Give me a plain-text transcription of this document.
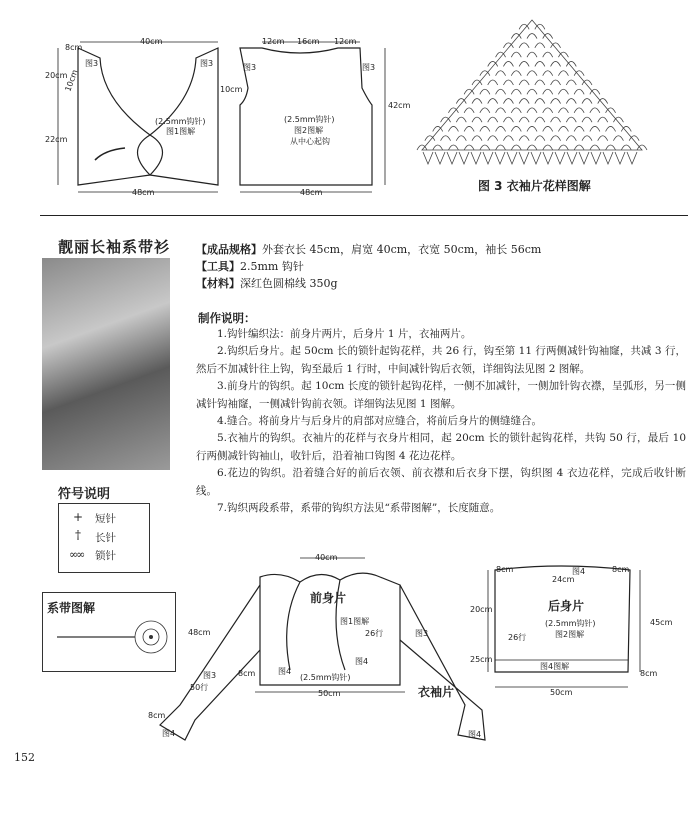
40cm
8cm
20cm
10cm
22cm
48cm
图3	图3
(2.5mm钩针)
图1图解
12cm 16cm 12cm
10cm
42cm
48cm
图3	图3
(2.5mm钩针)
图2图解
从中心起钩
图 3 衣袖片花样图解
靓丽长袖系带衫 【成品规格】外套衣长 45cm，肩宽 40cm，衣宽 50cm，袖长 56cm
【工具】2.5mm 钩针
【材料】深红色圆棉线 350g
制作说明：

1.钩针编织法：前身片两片，后身片 1 片，衣袖两片。

2.钩织后身片。起 50cm 长的锁针起钩花样，共 26 行，钩至第 11 行两侧减针钩袖窿，共减 3 行，然后不加减针往上钩，钩至最后 1 行时，中间减针钩后衣领，详细钩法见图 2 图解。

3.前身片的钩织。起 10cm 长度的锁针起钩花样，一侧不加减针，一侧加针钩衣襟，呈弧形，另一侧减针钩袖窿，一侧减针钩前衣领。详细钩法见图 1 图解。

4.缝合。将前身片与后身片的肩部对应缝合，将前后身片的侧缝缝合。

5.衣袖片的钩织。衣袖片的花样与衣身片相同，起 20cm 长的锁针起钩花样，共钩 50 行，最后 10 行两侧减针钩袖山，收针后，沿着袖口钩图 4 花边花样。

6.花边的钩织。沿着缝合好的前后衣领、前衣襟和后衣身下摆，钩织图 4 衣边花样，完成后收针断线。

7.钩织两段系带，系带的钩织方法见“系带图解”，长度随意。

符号说明
+ 短针
† 长针
∞∞ 锁针
系带图解
40cm
前身片
48cm
图1图解
26行	图3
图3
50行
图4
8cm	图4
(2.5mm钩针)
50cm	衣袖片
8cm
图4	图4
8cm
24cm
8cm
图4
20cm
25cm
45cm
后身片
(2.5mm钩针)
图2图解
26行
图4图解
8cm
50cm
152
